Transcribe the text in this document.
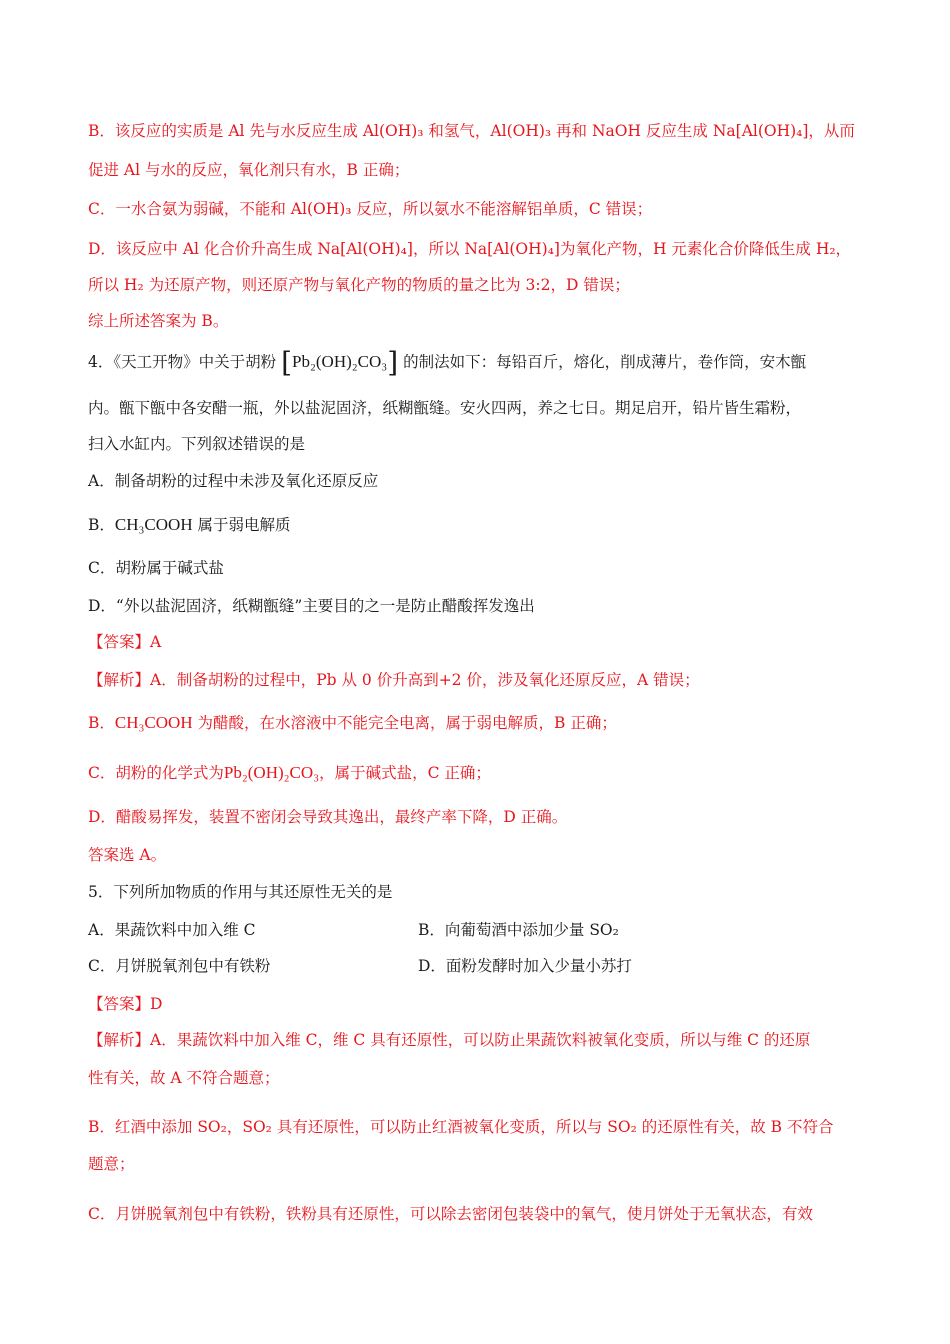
B．该反应的实质是 Al 先与水反应生成 Al(OH)₃ 和氢气，Al(OH)₃ 再和 NaOH 反应生成 Na[Al(OH)₄]，从而
促进 Al 与水的反应，氧化剂只有水，B 正确；
C．一水合氨为弱碱，不能和 Al(OH)₃ 反应，所以氨水不能溶解铝单质，C 错误；
D．该反应中 Al 化合价升高生成 Na[Al(OH)₄]，所以 Na[Al(OH)₄]为氧化产物，H 元素化合价降低生成 H₂，
所以 H₂ 为还原产物，则还原产物与氧化产物的物质的量之比为 3:2，D 错误；
综上所述答案为 B。
4．《天工开物》中关于胡粉 [Pb₂(OH)₂CO₃] 的制法如下：每铅百斤，熔化，削成薄片，卷作筒，安木甑
内。甑下甑中各安醋一瓶，外以盐泥固济，纸糊甑缝。安火四两，养之七日。期足启开，铅片皆生霜粉，
扫入水缸内。下列叙述错误的是
A．制备胡粉的过程中未涉及氧化还原反应
B．CH₃COOH 属于弱电解质
C．胡粉属于碱式盐
D．“外以盐泥固济，纸糊甑缝”主要目的之一是防止醋酸挥发逸出
【答案】A
【解析】A．制备胡粉的过程中，Pb 从 0 价升高到+2 价，涉及氧化还原反应，A 错误；
B．CH₃COOH 为醋酸，在水溶液中不能完全电离，属于弱电解质，B 正确；
C．胡粉的化学式为Pb₂(OH)₂CO₃，属于碱式盐，C 正确；
D．醋酸易挥发，装置不密闭会导致其逸出，最终产率下降，D 正确。
答案选 A。
5．下列所加物质的作用与其还原性无关的是
A．果蔬饮料中加入维 C	B．向葡萄酒中添加少量 SO₂
C．月饼脱氧剂包中有铁粉	D．面粉发酵时加入少量小苏打
【答案】D
【解析】A．果蔬饮料中加入维 C，维 C 具有还原性，可以防止果蔬饮料被氧化变质，所以与维 C 的还原
性有关，故 A 不符合题意；
B．红酒中添加 SO₂，SO₂ 具有还原性，可以防止红酒被氧化变质，所以与 SO₂ 的还原性有关，故 B 不符合
题意；
C．月饼脱氧剂包中有铁粉，铁粉具有还原性，可以除去密闭包装袋中的氧气，使月饼处于无氧状态，有效
